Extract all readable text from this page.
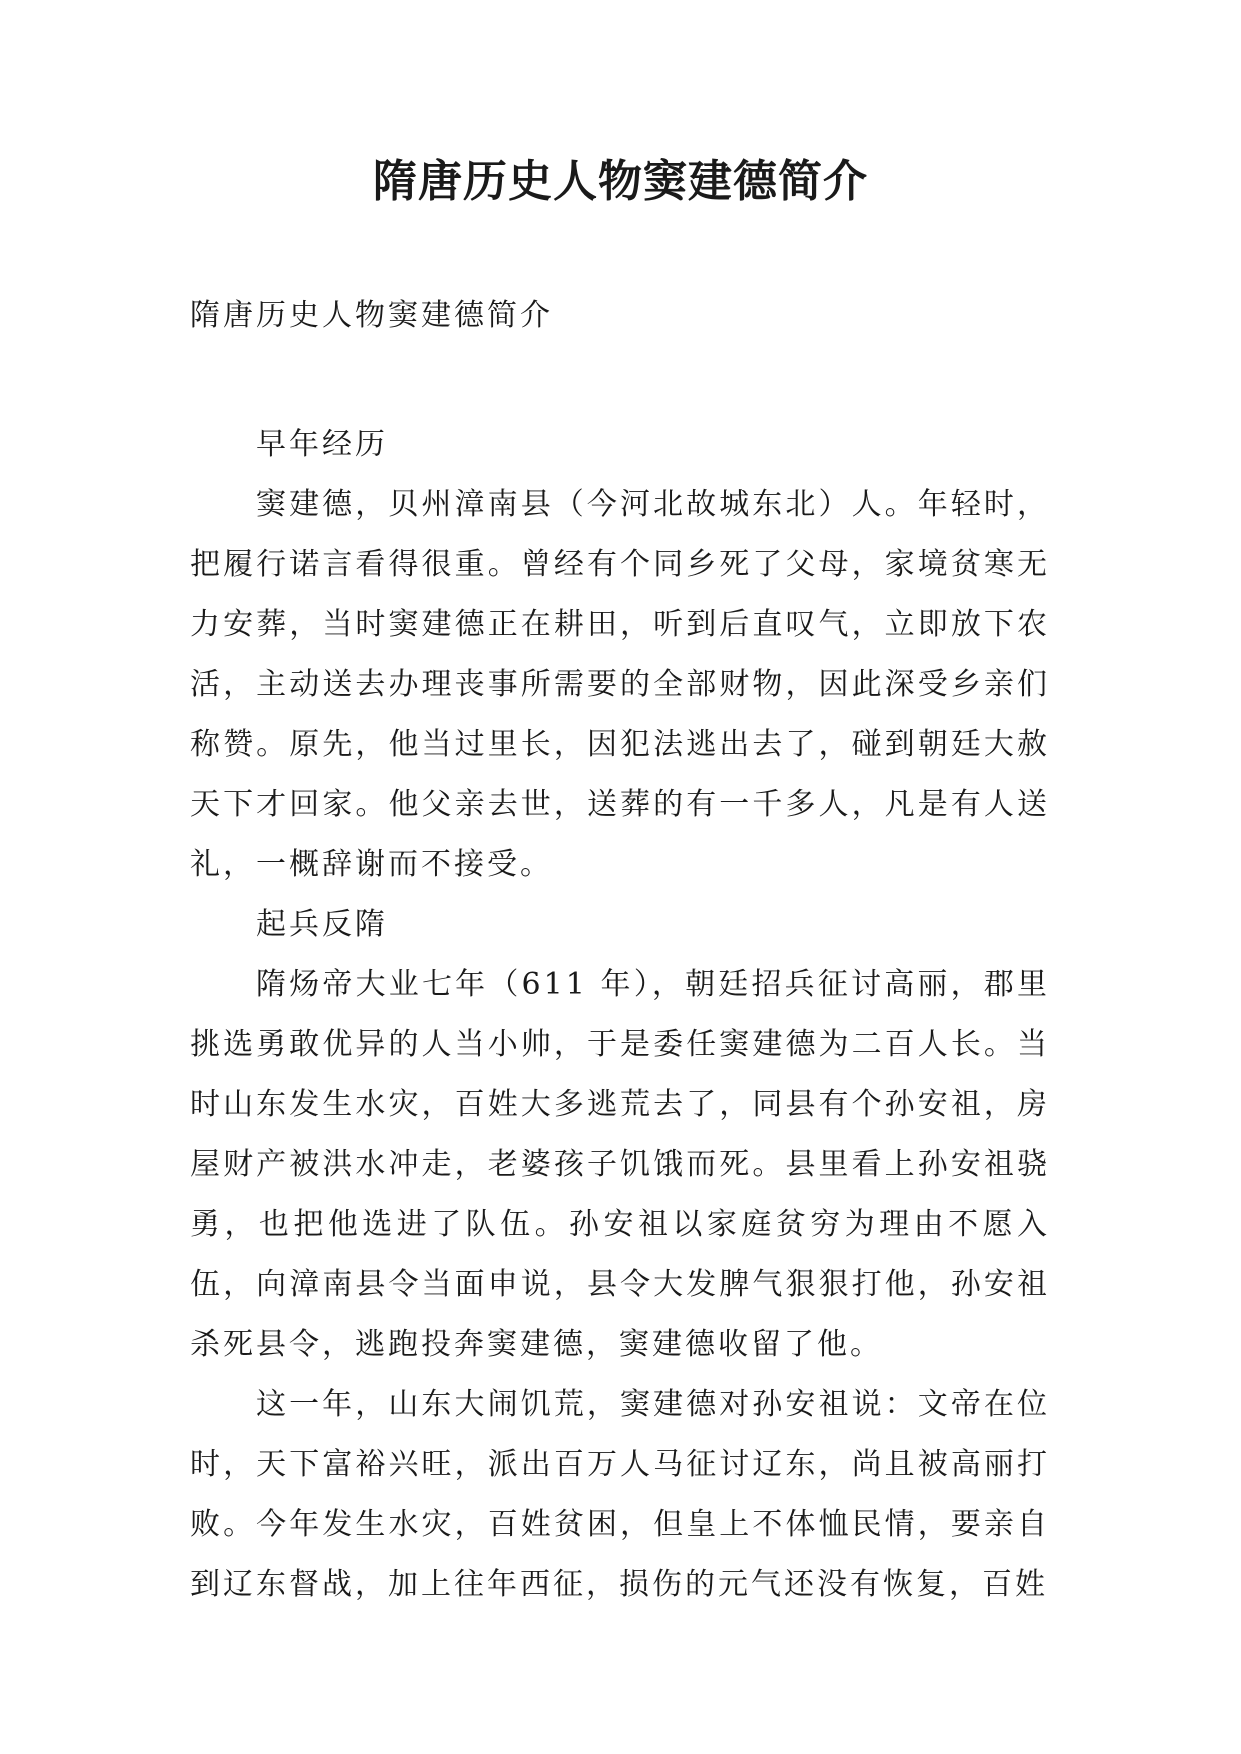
隋唐历史人物窦建德简介

隋唐历史人物窦建德简介

早年经历

窦建德，贝州漳南县（今河北故城东北）人。年轻时，把履行诺言看得很重。曾经有个同乡死了父母，家境贫寒无力安葬，当时窦建德正在耕田，听到后直叹气，立即放下农活，主动送去办理丧事所需要的全部财物，因此深受乡亲们称赞。原先，他当过里长，因犯法逃出去了，碰到朝廷大赦天下才回家。他父亲去世，送葬的有一千多人，凡是有人送礼，一概辞谢而不接受。

起兵反隋

隋炀帝大业七年（611 年），朝廷招兵征讨高丽，郡里挑选勇敢优异的人当小帅，于是委任窦建德为二百人长。当时山东发生水灾，百姓大多逃荒去了，同县有个孙安祖，房屋财产被洪水冲走，老婆孩子饥饿而死。县里看上孙安祖骁勇，也把他选进了队伍。孙安祖以家庭贫穷为理由不愿入伍，向漳南县令当面申说，县令大发脾气狠狠打他，孙安祖杀死县令，逃跑投奔窦建德，窦建德收留了他。

这一年，山东大闹饥荒，窦建德对孙安祖说：文帝在位时，天下富裕兴旺，派出百万人马征讨辽东，尚且被高丽打败。今年发生水灾，百姓贫困，但皇上不体恤民情，要亲自到辽东督战，加上往年西征，损伤的元气还没有恢复，百姓
